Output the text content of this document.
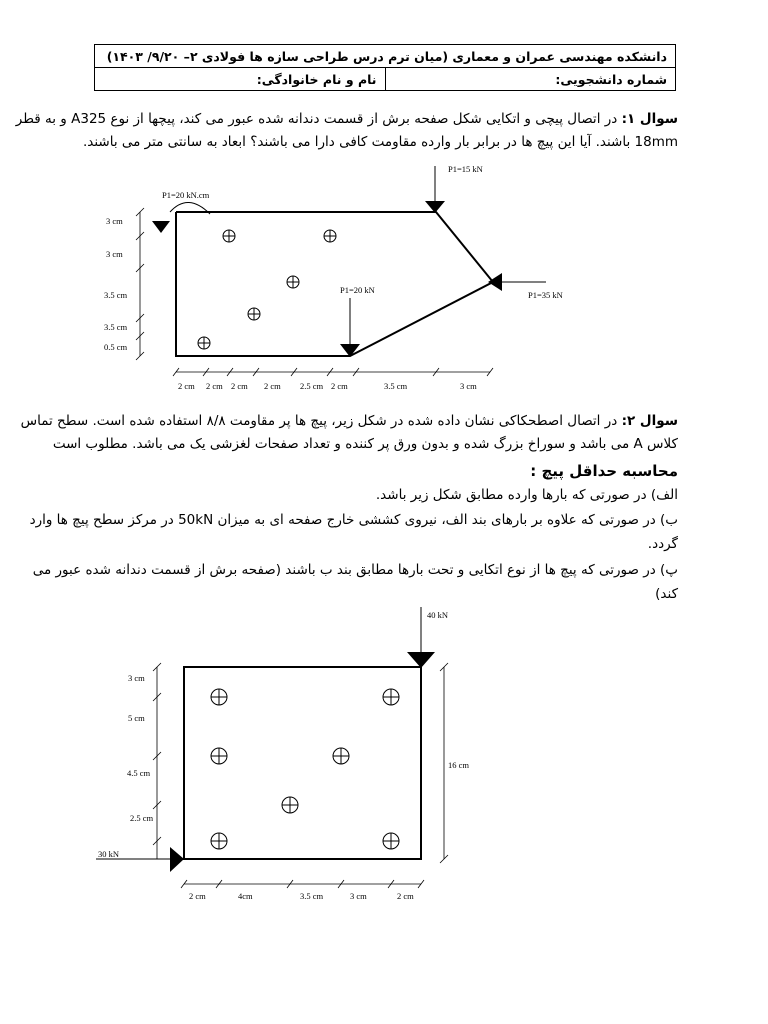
دانشکده مهندسی عمران و معماری (میان ترم درس طراحی سازه ها فولادی ۲– ۹/۲۰/ ۱۴۰۳)
نام و نام خانوادگی:	شماره دانشجویی:
سوال ۱: در اتصال پیچی و اتکایی شکل صفحه برش از قسمت دندانه شده عبور می کند، پیچها از نوع A325 و به قطر
18mm باشند. آیا این پیچ ها در برابر بار وارده مقاومت کافی دارا می باشند؟ ابعاد به سانتی متر می باشند.
P1=20 kN.cm
P1=15 kN
P1=20 kN	P1=35 kN
3 cm
3 cm
3.5 cm
3.5 cm
0.5 cm
2 cm 2 cm 2 cm 2 cm 2.5 cm 2 cm	3.5 cm	3 cm
سوال ۲: در اتصال اصطحکاکی نشان داده شده در شکل زیر، پیچ ها پر مقاومت ۸/۸ استفاده شده است. سطح تماس
کلاس A می باشد و سوراخ بزرگ شده و بدون ورق پر کننده و تعداد صفحات لغزشی یک می باشد. مطلوب است
محاسبه حداقل پیچ :
الف) در صورتی که بارها وارده مطابق شکل زیر باشد.
ب) در صورتی که علاوه بر بارهای بند الف، نیروی کششی خارج صفحه ای به میزان 50kN در مرکز سطح پیچ ها وارد
گردد.
پ) در صورتی که پیچ ها از نوع اتکایی و تحت بارها مطابق بند ب باشند (صفحه برش از قسمت دندانه شده عبور می
کند)
40 kN
30 kN
16 cm
3 cm
5 cm
4.5 cm
2.5 cm
2 cm	4cm	3.5 cm	3 cm	2 cm
